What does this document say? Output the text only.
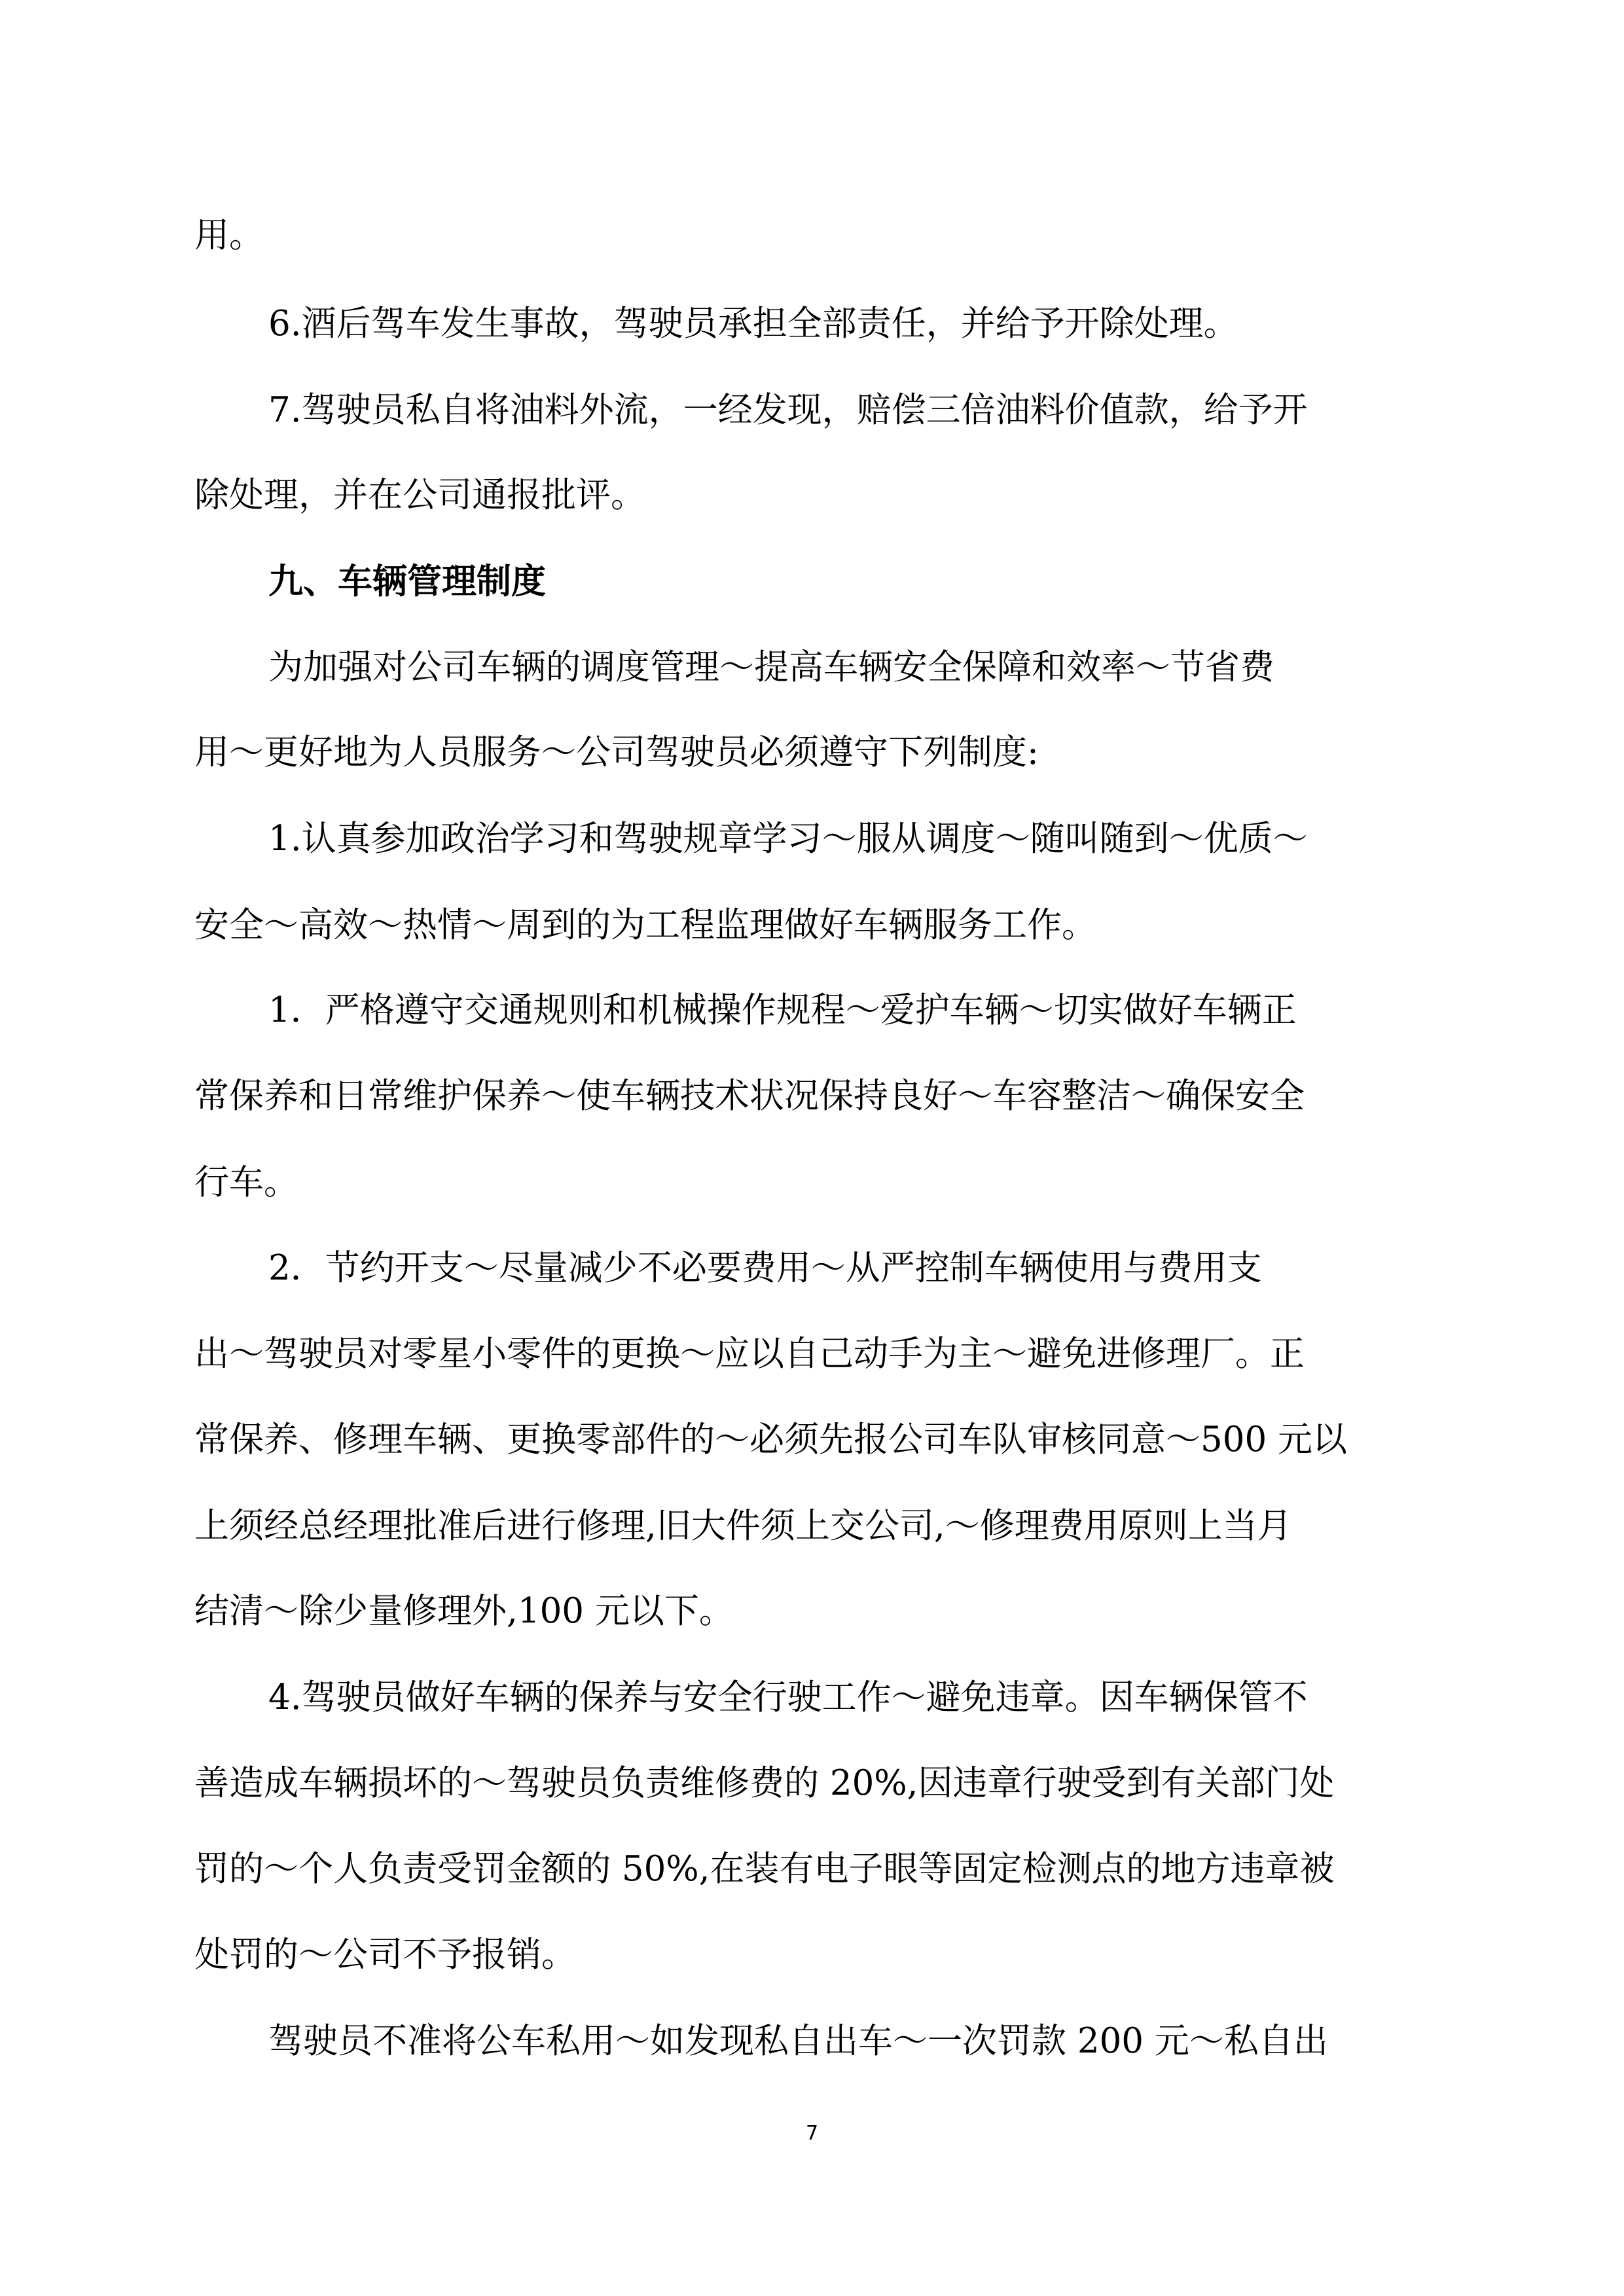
用。
6.酒后驾车发生事故，驾驶员承担全部责任，并给予开除处理。
7.驾驶员私自将油料外流，一经发现，赔偿三倍油料价值款，给予开
除处理，并在公司通报批评。
九、车辆管理制度
为加强对公司车辆的调度管理～提高车辆安全保障和效率～节省费
用～更好地为人员服务～公司驾驶员必须遵守下列制度:
1.认真参加政治学习和驾驶规章学习～服从调度～随叫随到～优质～
安全～高效～热情～周到的为工程监理做好车辆服务工作。
1．严格遵守交通规则和机械操作规程～爱护车辆～切实做好车辆正
常保养和日常维护保养～使车辆技术状况保持良好～车容整洁～确保安全
行车。
2．节约开支～尽量减少不必要费用～从严控制车辆使用与费用支
出～驾驶员对零星小零件的更换～应以自己动手为主～避免进修理厂。正
常保养、修理车辆、更换零部件的～必须先报公司车队审核同意～500 元以
上须经总经理批准后进行修理,旧大件须上交公司,～修理费用原则上当月
结清～除少量修理外,100 元以下。
4.驾驶员做好车辆的保养与安全行驶工作～避免违章。因车辆保管不
善造成车辆损坏的～驾驶员负责维修费的 20%,因违章行驶受到有关部门处
罚的～个人负责受罚金额的 50%,在装有电子眼等固定检测点的地方违章被
处罚的～公司不予报销。
驾驶员不准将公车私用～如发现私自出车～一次罚款 200 元～私自出
7
